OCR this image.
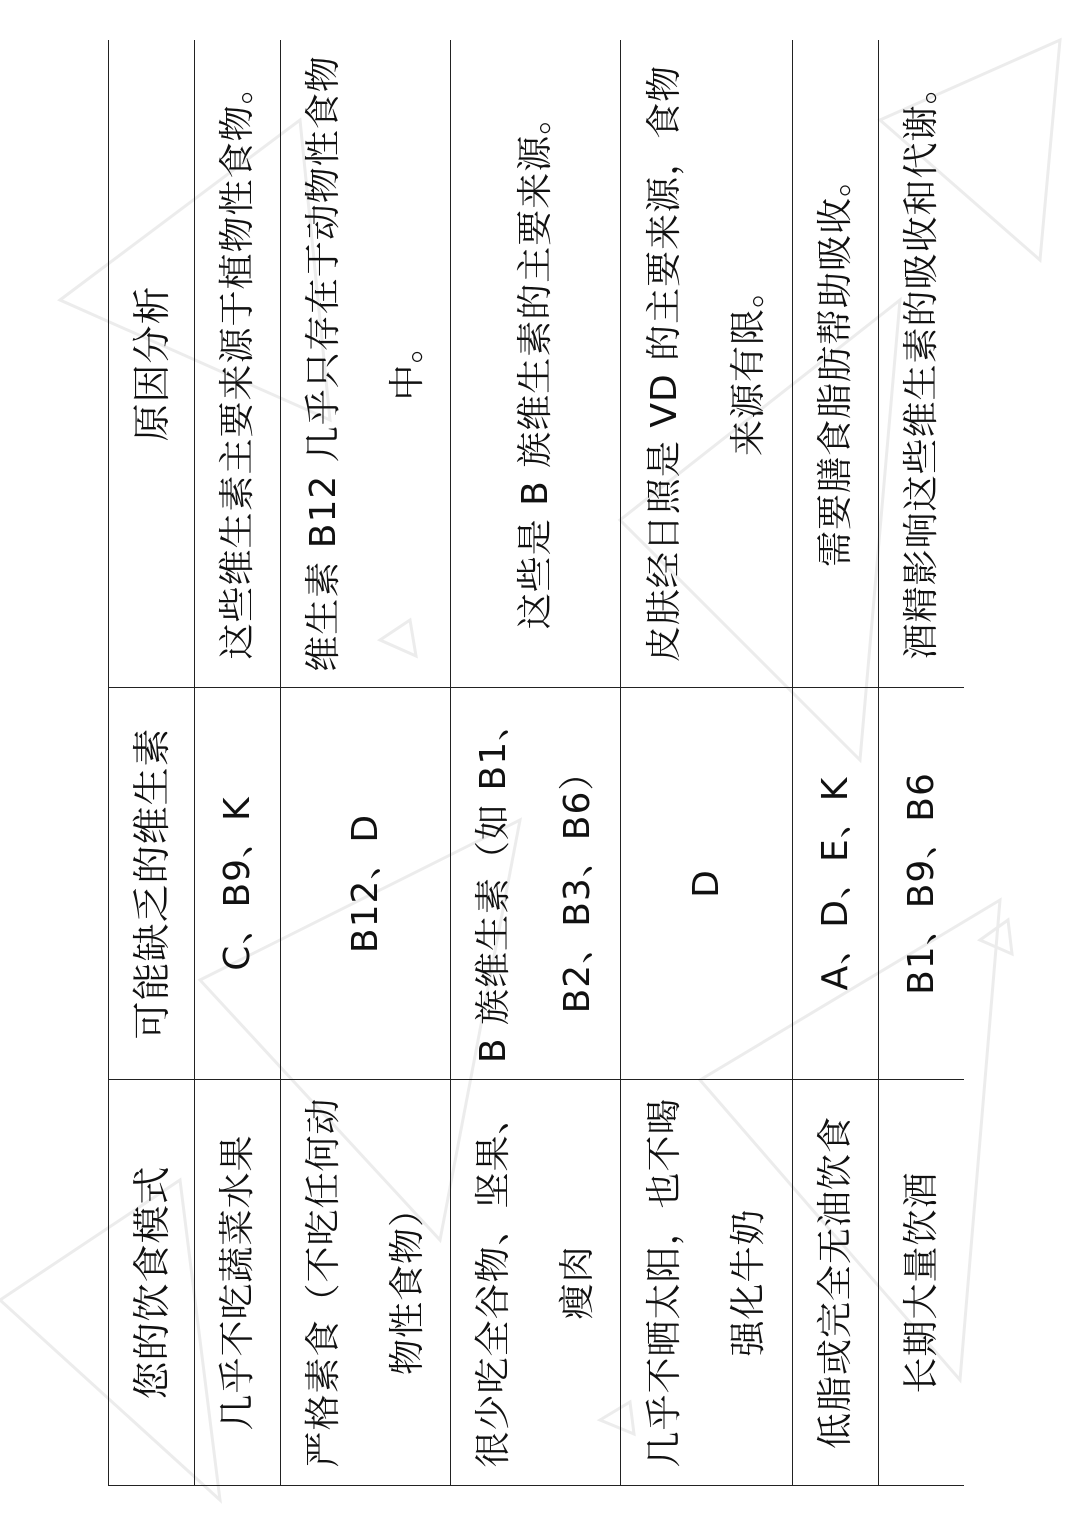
您的饮食模式	可能缺乏的维生素	原因分析
几乎不吃蔬菜水果	C、B9、K	这些维生素主要来源于植物性食物。
严格素食（不吃任何动物性食物）	B12、D	维生素 B12 几乎只存在于动物性食物中。
很少吃全谷物、坚果、瘦肉	B 族维生素（如 B1、B2、B3、B6）	这些是 B 族维生素的主要来源。
几乎不晒太阳，也不喝强化牛奶	D	皮肤经日照是 VD 的主要来源，食物来源有限。
低脂或完全无油饮食	A、D、E、K	需要膳食脂肪帮助吸收。
长期大量饮酒	B1、B9、B6	酒精影响这些维生素的吸收和代谢。
